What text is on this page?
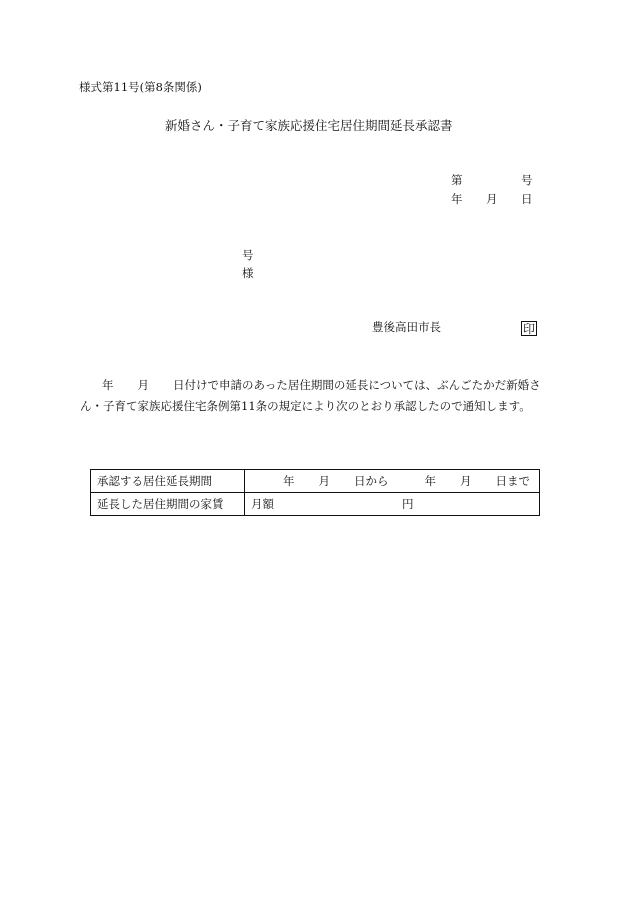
様式第11号(第8条関係)
新婚さん・子育て家族応援住宅居住期間延長承認書
第	号
年 月 日
号
様
豊後高田市長	印
年 月 日付けで申請のあった居住期間の延長については、ぶんごたかだ新婚さん・子育て家族応援住宅条例第11条の規定により次のとおり承認したので通知します。
承認する居住延長期間	年 月 日から 年 月 日まで
延長した居住期間の家賃	月額 円
